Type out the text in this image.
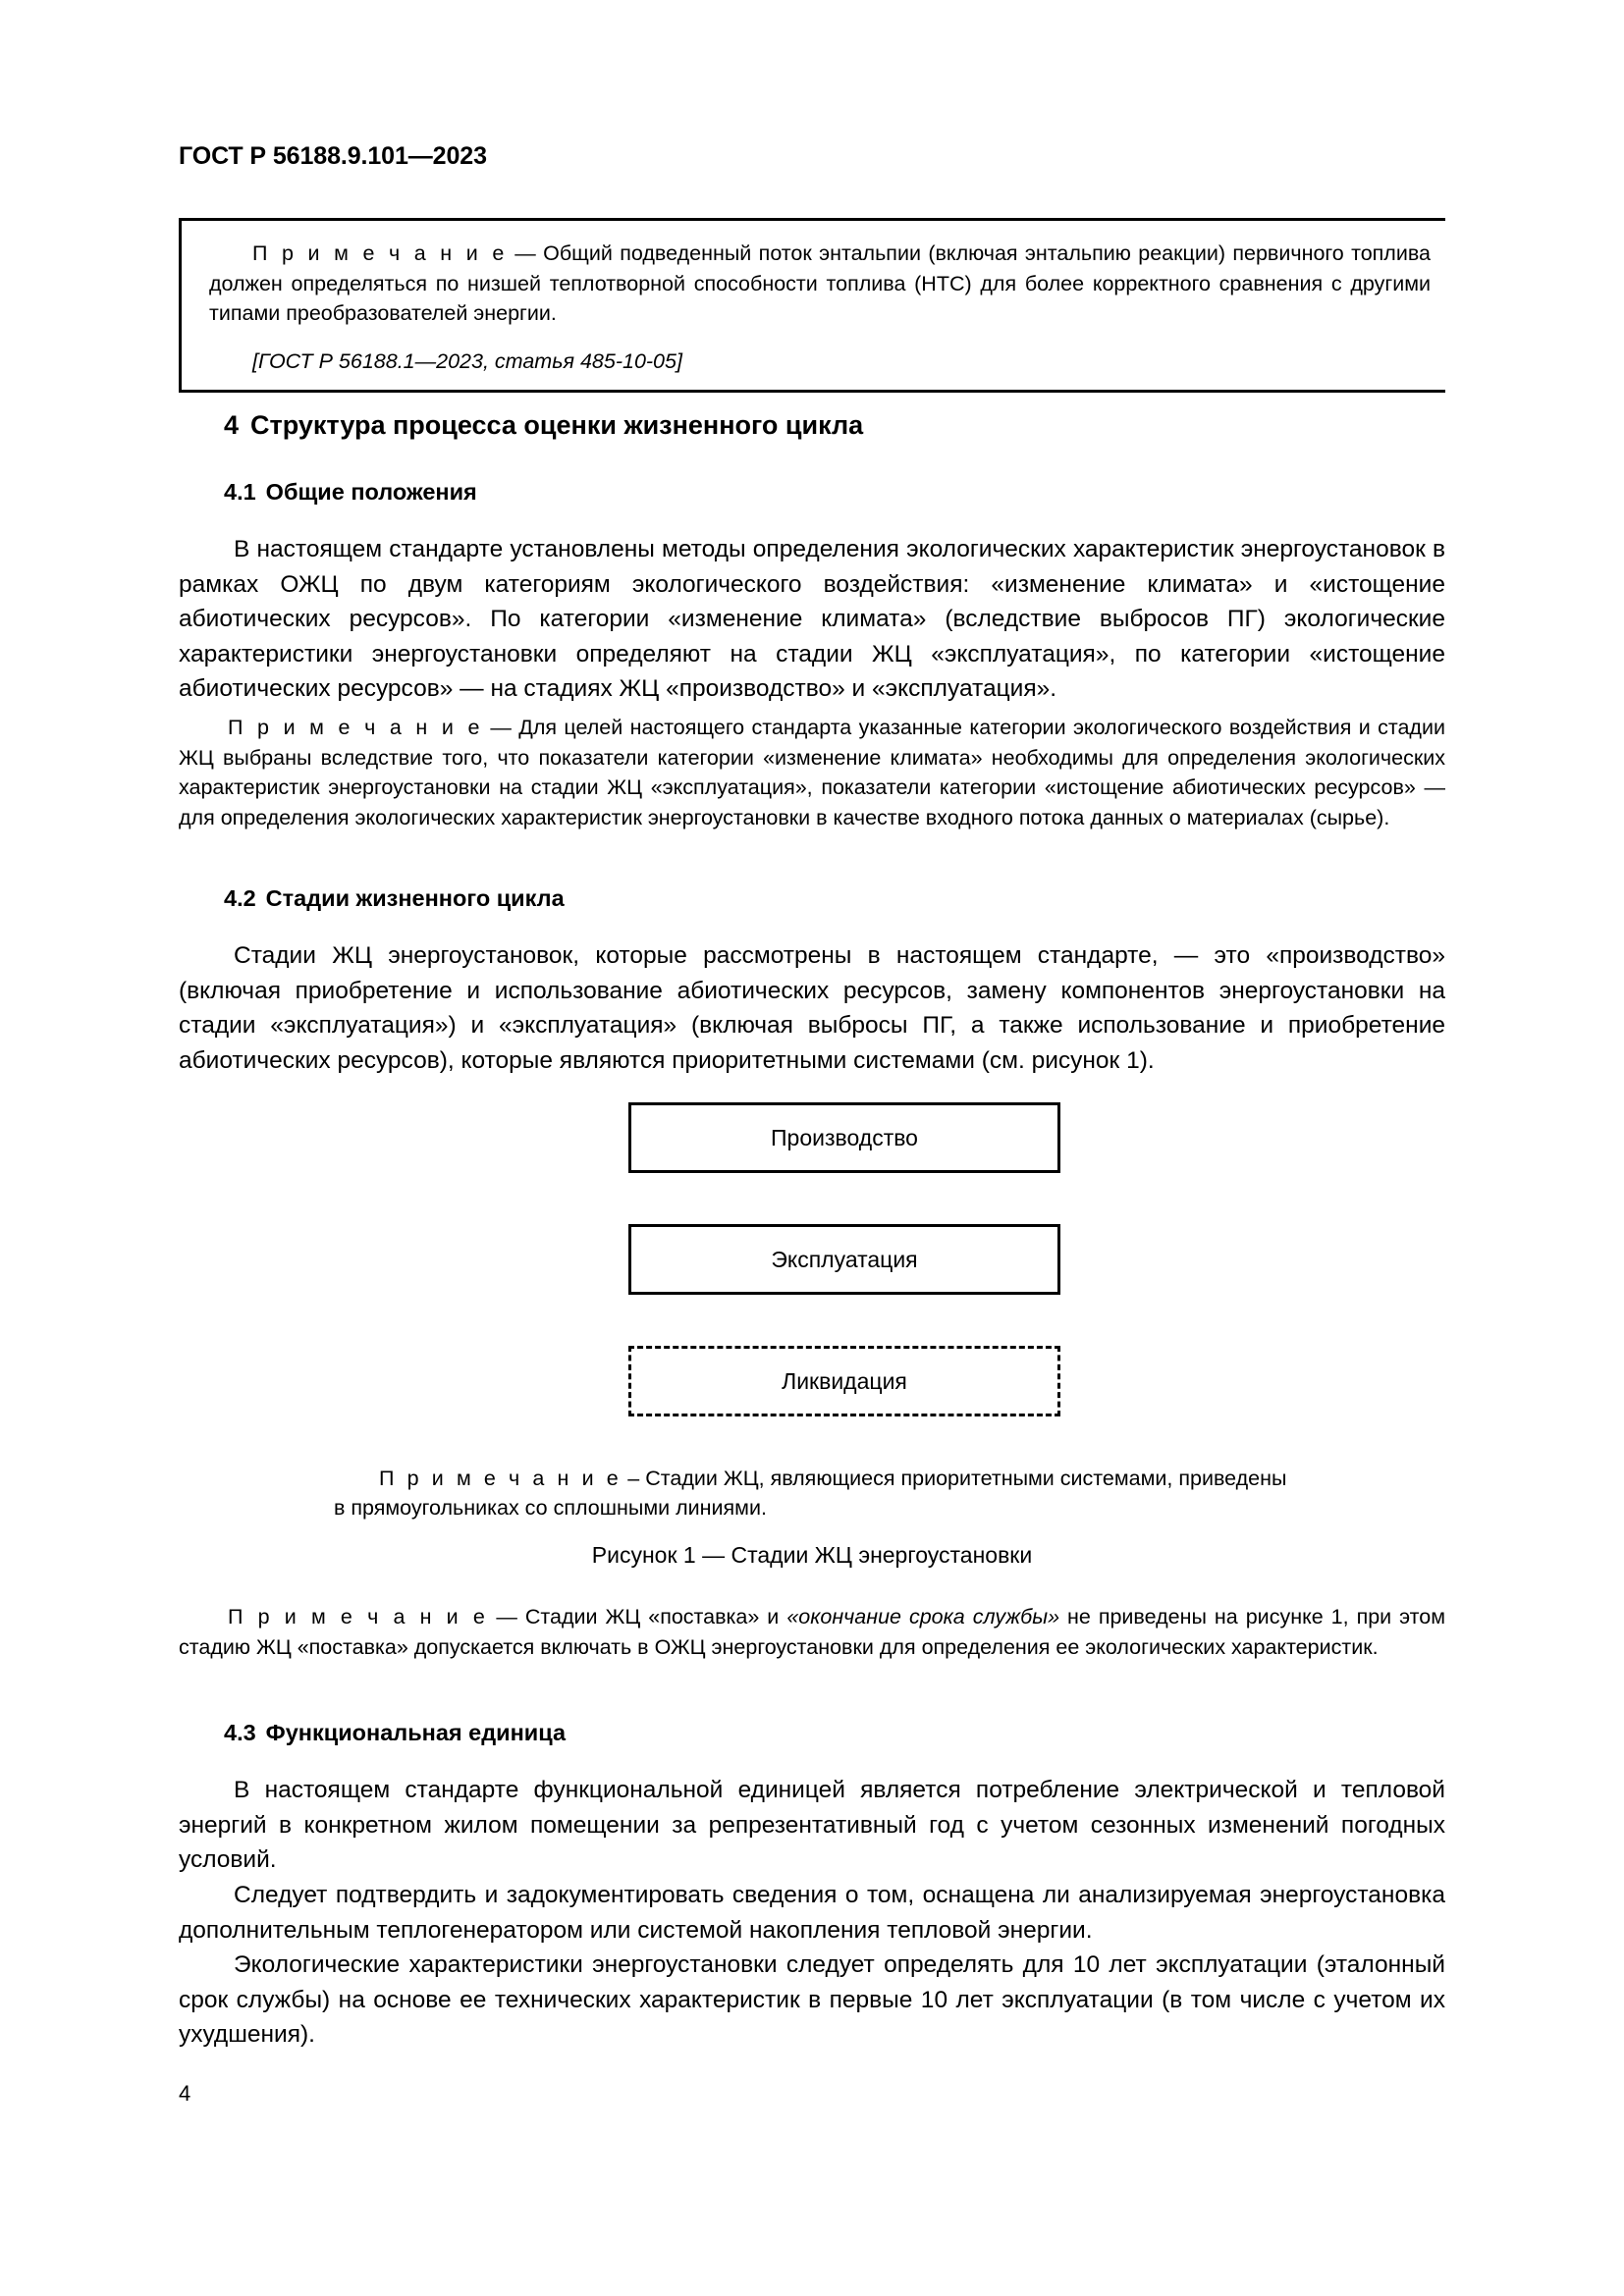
ГОСТ Р 56188.9.101—2023

П р и м е ч а н и е — Общий подведенный поток энтальпии (включая энтальпию реакции) первичного топлива должен определяться по низшей теплотворной способности топлива (НТС) для более корректного сравнения с другими типами преобразователей энергии.

[ГОСТ Р 56188.1—2023, статья 485-10-05]

4 Структура процесса оценки жизненного цикла
4.1 Общие положения

В настоящем стандарте установлены методы определения экологических характеристик энергоустановок в рамках ОЖЦ по двум категориям экологического воздействия: «изменение климата» и «истощение абиотических ресурсов». По категории «изменение климата» (вследствие выбросов ПГ) экологические характеристики энергоустановки определяют на стадии ЖЦ «эксплуатация», по категории «истощение абиотических ресурсов» — на стадиях ЖЦ «производство» и «эксплуатация».

П р и м е ч а н и е — Для целей настоящего стандарта указанные категории экологического воздействия и стадии ЖЦ выбраны вследствие того, что показатели категории «изменение климата» необходимы для определения экологических характеристик энергоустановки на стадии ЖЦ «эксплуатация», показатели категории «истощение абиотических ресурсов» — для определения экологических характеристик энергоустановки в качестве входного потока данных о материалах (сырье).

4.2 Стадии жизненного цикла

Стадии ЖЦ энергоустановок, которые рассмотрены в настоящем стандарте, — это «производство» (включая приобретение и использование абиотических ресурсов, замену компонентов энергоустановки на стадии «эксплуатация») и «эксплуатация» (включая выбросы ПГ, а также использование и приобретение абиотических ресурсов), которые являются приоритетными системами (см. рисунок 1).

Производство
Эксплуатация
Ликвидация

П р и м е ч а н и е – Стадии ЖЦ, являющиеся приоритетными системами, приведены в прямоугольниках со сплошными линиями.

Рисунок 1 — Стадии ЖЦ энергоустановки

П р и м е ч а н и е — Стадии ЖЦ «поставка» и «окончание срока службы» не приведены на рисунке 1, при этом стадию ЖЦ «поставка» допускается включать в ОЖЦ энергоустановки для определения ее экологических характеристик.

4.3 Функциональная единица

В настоящем стандарте функциональной единицей является потребление электрической и тепловой энергий в конкретном жилом помещении за репрезентативный год с учетом сезонных изменений погодных условий.

Следует подтвердить и задокументировать сведения о том, оснащена ли анализируемая энергоустановка дополнительным теплогенератором или системой накопления тепловой энергии.

Экологические характеристики энергоустановки следует определять для 10 лет эксплуатации (эталонный срок службы) на основе ее технических характеристик в первые 10 лет эксплуатации (в том числе с учетом их ухудшения).

4
